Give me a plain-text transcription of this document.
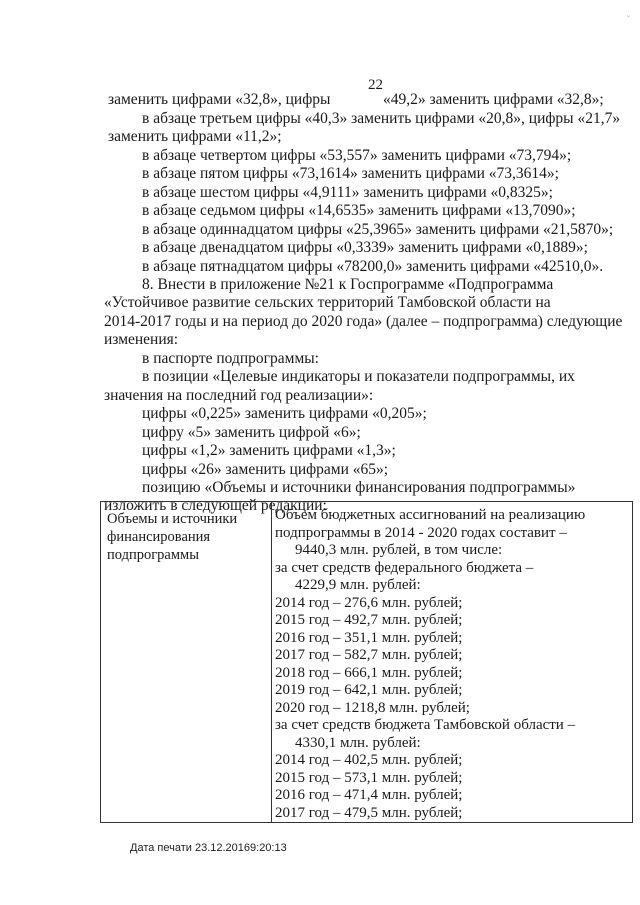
˘
22
заменить цифрами «32,8», цифры	«49,2» заменить цифрами «32,8»;
в абзаце третьем цифры «40,3» заменить цифрами «20,8», цифры «21,7»
заменить цифрами «11,2»;
в абзаце четвертом цифры «53,557» заменить цифрами «73,794»;
в абзаце пятом цифры «73,1614» заменить цифрами «73,3614»;
в абзаце шестом цифры «4,9111» заменить цифрами «0,8325»;
в абзаце седьмом цифры «14,6535» заменить цифрами «13,7090»;
в абзаце одиннадцатом цифры «25,3965» заменить цифрами «21,5870»;
в абзаце двенадцатом цифры «0,3339» заменить цифрами «0,1889»;
в абзаце пятнадцатом цифры «78200,0» заменить цифрами «42510,0».
8. Внести в приложение №21 к Госпрограмме «Подпрограмма
«Устойчивое развитие сельских территорий Тамбовской области на
2014-2017 годы и на период до 2020 года» (далее – подпрограмма) следующие
изменения:
в паспорте подпрограммы:
в позиции «Целевые индикаторы и показатели подпрограммы, их
значения на последний год реализации»:
цифры «0,225» заменить цифрами «0,205»;
цифру «5» заменить цифрой «6»;
цифры «1,2» заменить цифрами «1,3»;
цифры «26» заменить цифрами «65»;
позицию «Объемы и источники финансирования подпрограммы»
изложить в следующей редакции:
Объемы и источники финансирования подпрограммы
Объем бюджетных ассигнований на реализацию
подпрограммы в 2014 - 2020 годах составит –
9440,3 млн. рублей, в том числе:
за счет средств федерального бюджета –
4229,9 млн. рублей:
2014 год – 276,6 млн. рублей;
2015 год – 492,7 млн. рублей;
2016 год – 351,1 млн. рублей;
2017 год – 582,7 млн. рублей;
2018 год – 666,1 млн. рублей;
2019 год – 642,1 млн. рублей;
2020 год – 1218,8 млн. рублей;
за счет средств бюджета Тамбовской области –
4330,1 млн. рублей:
2014 год – 402,5 млн. рублей;
2015 год – 573,1 млн. рублей;
2016 год – 471,4 млн. рублей;
2017 год – 479,5 млн. рублей;
Дата печати 23.12.20169:20:13
